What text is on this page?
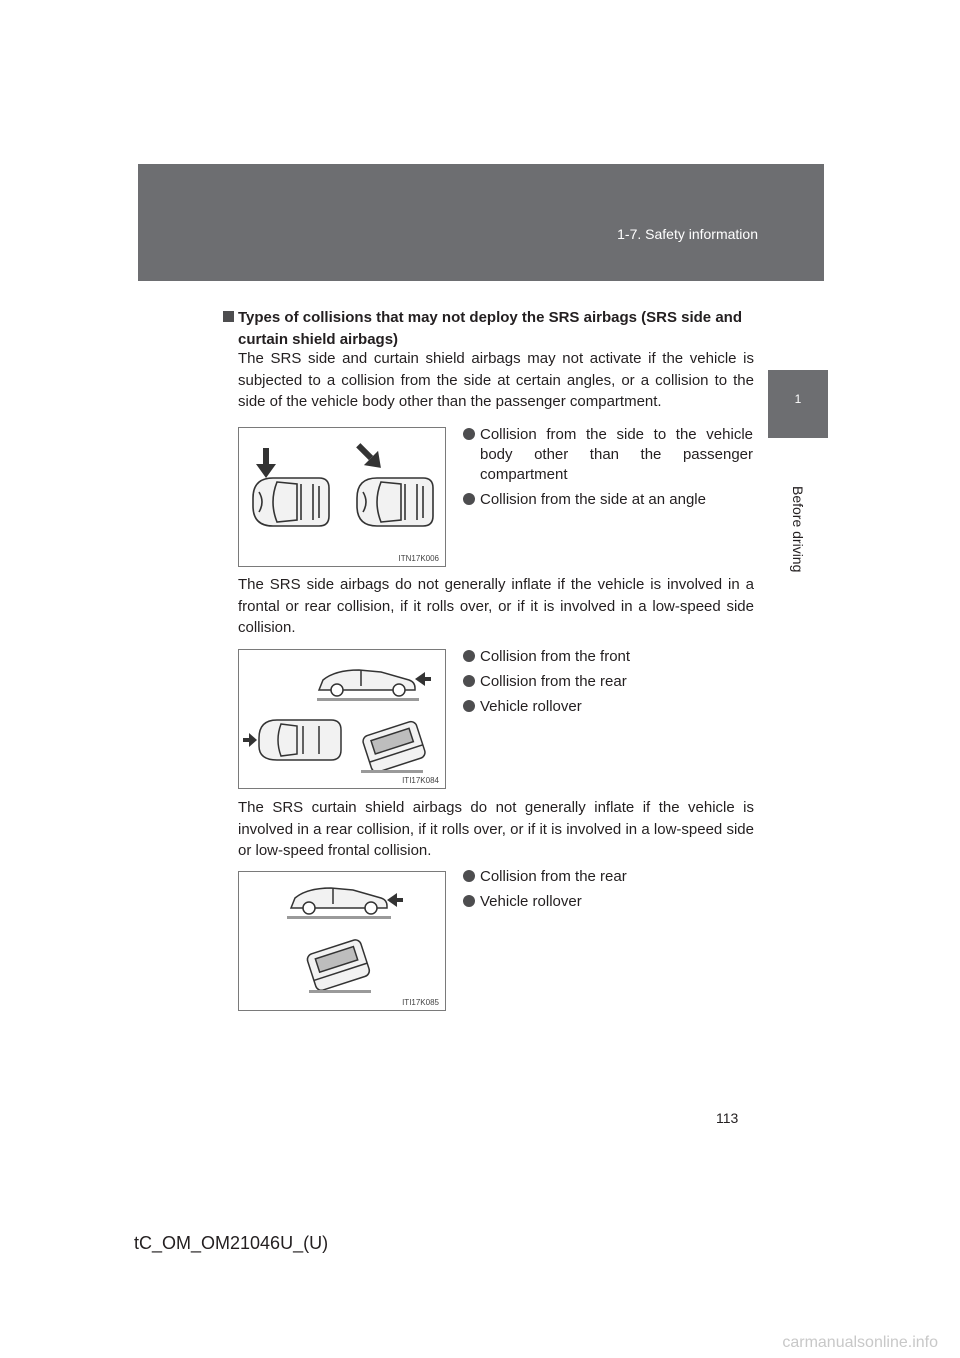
1-7. Safety information
1
Before driving
Types of collisions that may not deploy the SRS airbags (SRS side and curtain shield airbags)
The SRS side and curtain shield airbags may not activate if the vehicle is subjected to a collision from the side at certain angles, or a collision to the side of the vehicle body other than the passenger compartment.
ITN17K006
Collision from the side to the vehicle body other than the passenger compartment
Collision from the side at an angle
The SRS side airbags do not generally inflate if the vehicle is involved in a frontal or rear collision, if it rolls over, or if it is involved in a low-speed side collision.
ITI17K084
Collision from the front
Collision from the rear
Vehicle rollover
The SRS curtain shield airbags do not generally inflate if the vehicle is involved in a rear collision, if it rolls over, or if it is involved in a low-speed side or low-speed frontal collision.
ITI17K085
Collision from the rear
Vehicle rollover
113
tC_OM_OM21046U_(U)
carmanualsonline.info
